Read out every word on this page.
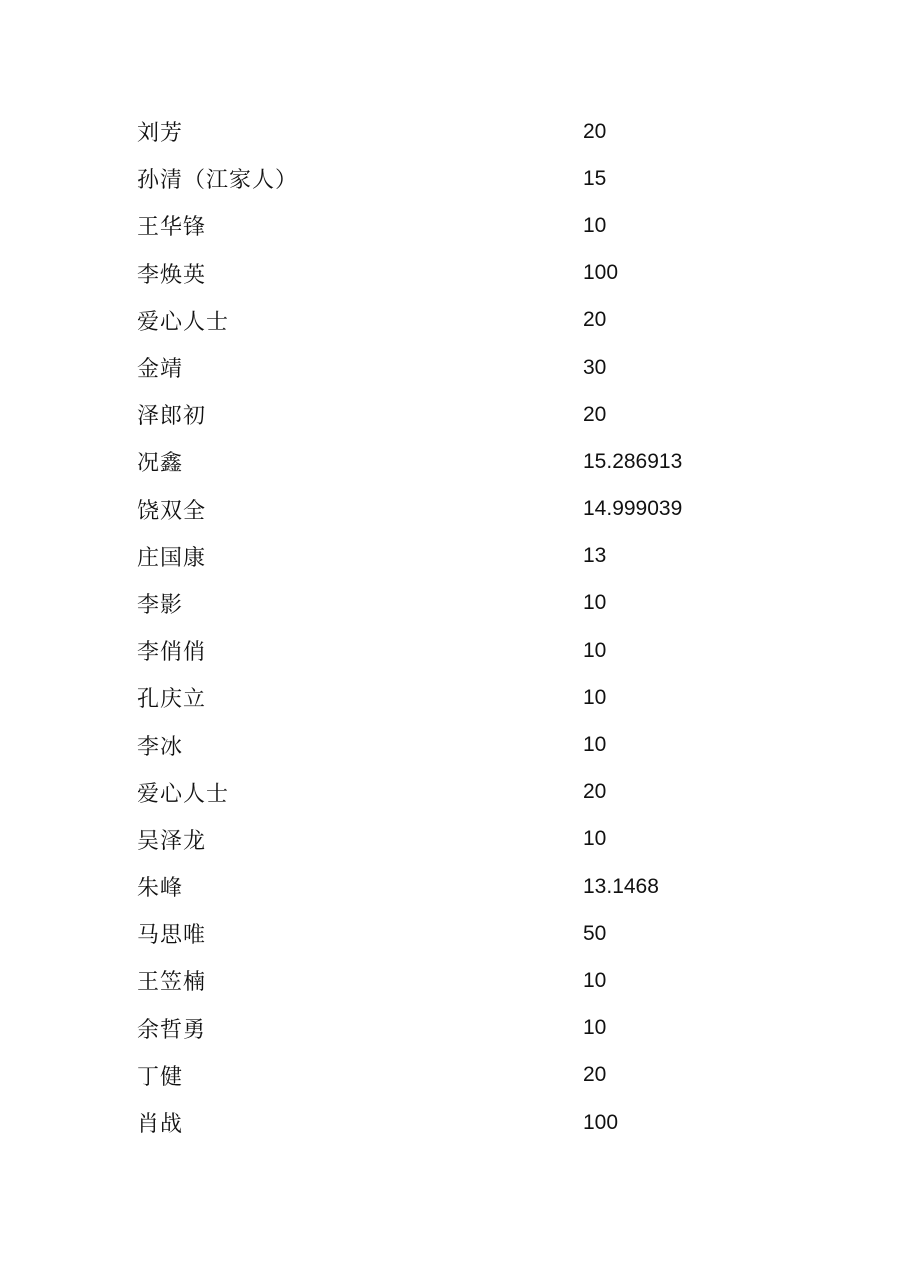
刘芳	20
孙清（江家人）	15
王华锋	10
李焕英	100
爱心人士	20
金靖	30
泽郎初	20
况鑫	15.286913
饶双全	14.999039
庄国康	13
李影	10
李俏俏	10
孔庆立	10
李冰	10
爱心人士	20
吴泽龙	10
朱峰	13.1468
马思唯	50
王笠楠	10
余哲勇	10
丁健	20
肖战	100
